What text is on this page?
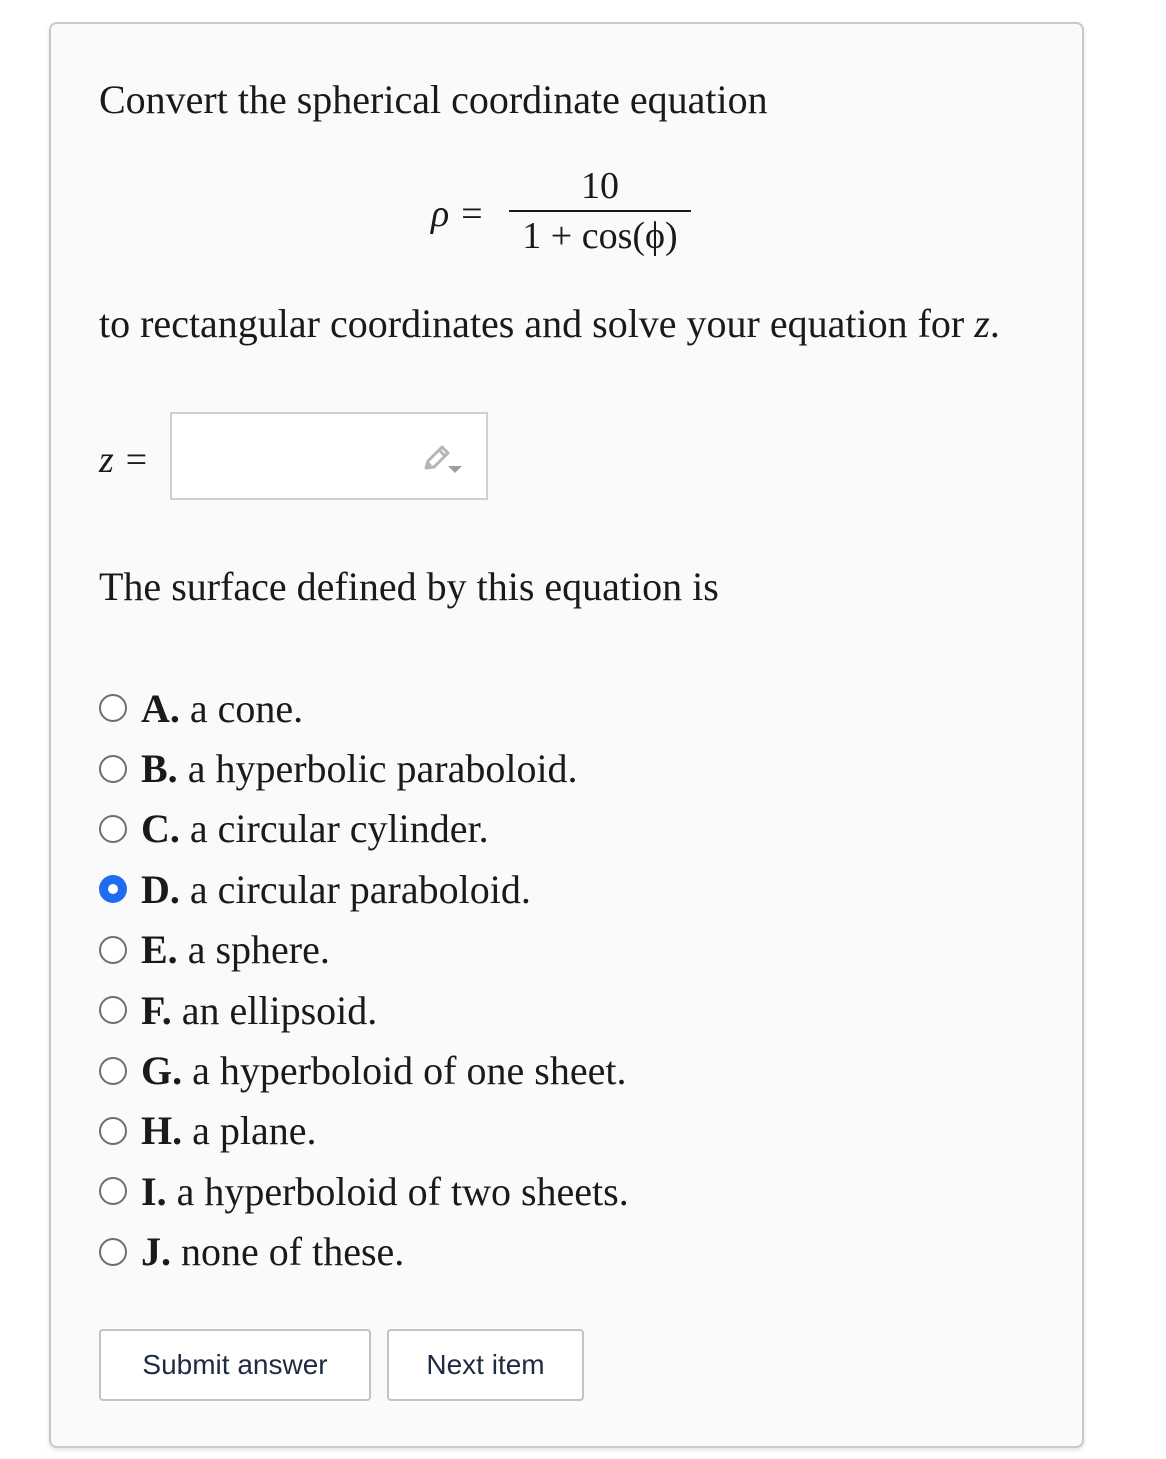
Convert the spherical coordinate equation
ρ =
10
1 + cos(ϕ)
to rectangular coordinates and solve your equation for z.
z =
The surface defined by this equation is
A. a cone.
B. a hyperbolic paraboloid.
C. a circular cylinder.
D. a circular paraboloid.
E. a sphere.
F. an ellipsoid.
G. a hyperboloid of one sheet.
H. a plane.
I. a hyperboloid of two sheets.
J. none of these.
Submit answer	Next item
